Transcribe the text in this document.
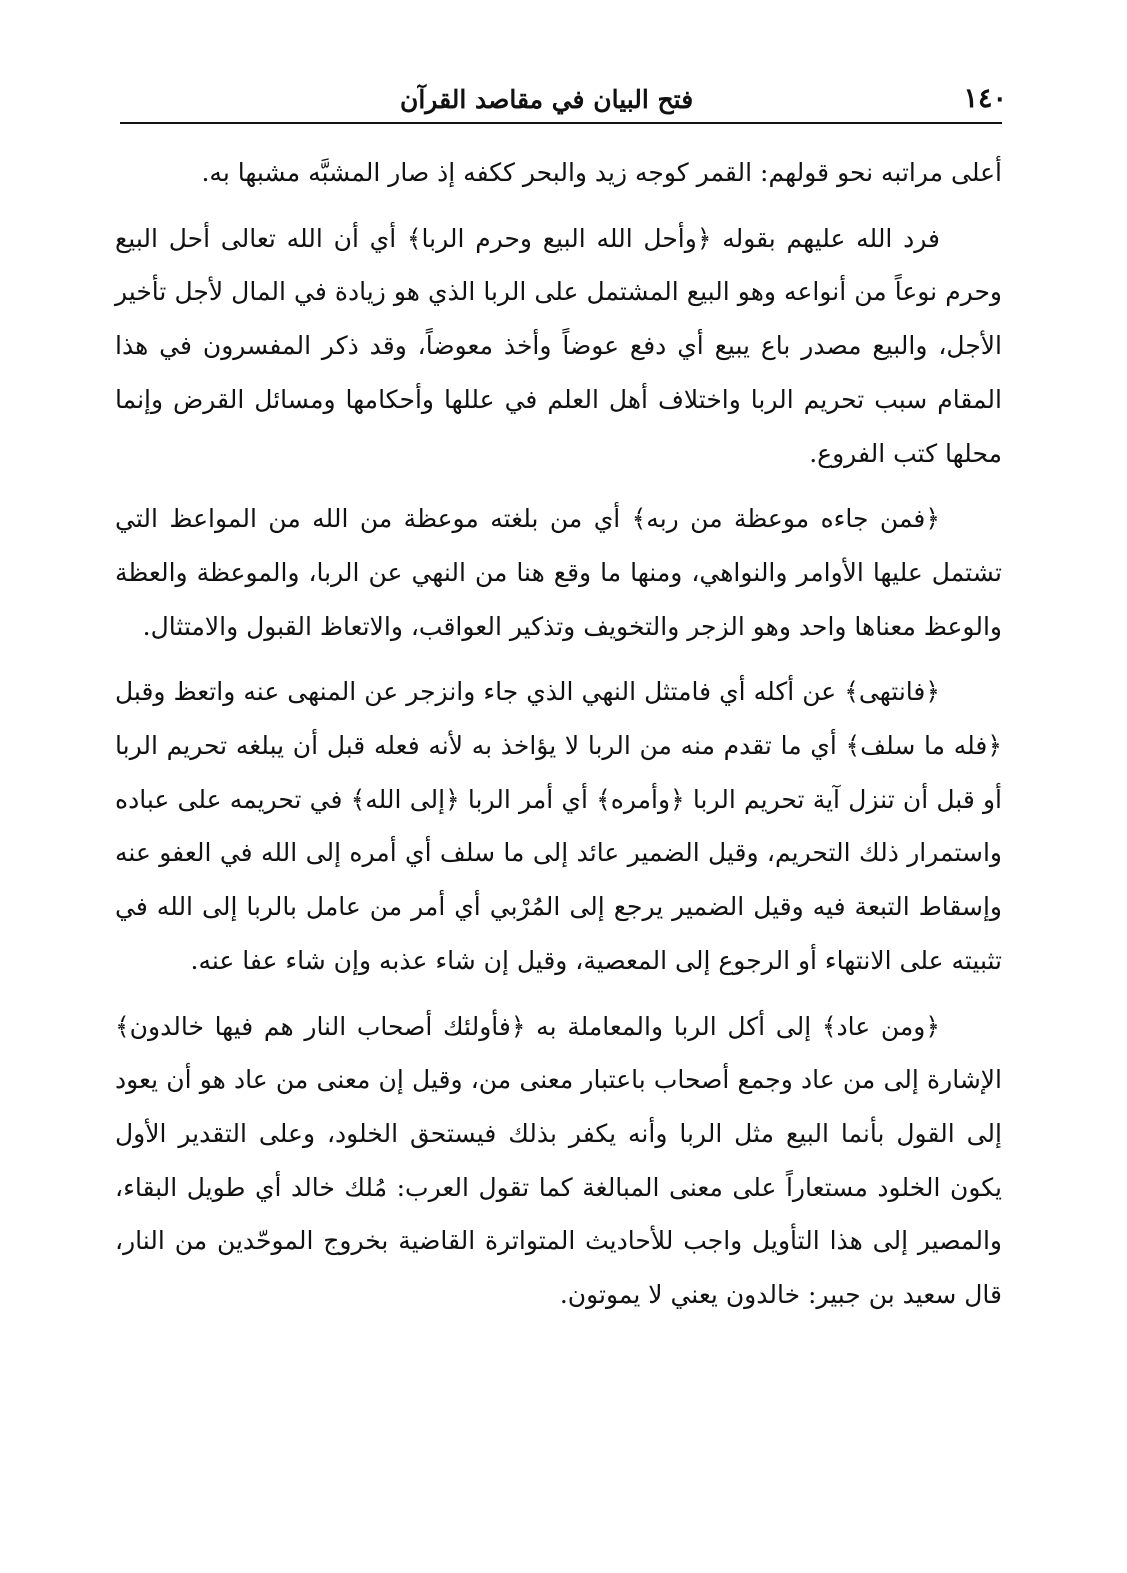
١٤٠
فتح البيان في مقاصد القرآن

أعلى مراتبه نحو قولهم: القمر كوجه زيد والبحر ككفه إذ صار المشبَّه مشبها به.

فرد الله عليهم بقوله ﴿وأحل الله البيع وحرم الربا﴾ أي أن الله تعالى أحل البيع وحرم نوعاً من أنواعه وهو البيع المشتمل على الربا الذي هو زيادة في المال لأجل تأخير الأجل، والبيع مصدر باع يبيع أي دفع عوضاً وأخذ معوضاً، وقد ذكر المفسرون في هذا المقام سبب تحريم الربا واختلاف أهل العلم في عللها وأحكامها ومسائل القرض وإنما محلها كتب الفروع.

﴿فمن جاءه موعظة من ربه﴾ أي من بلغته موعظة من الله من المواعظ التي تشتمل عليها الأوامر والنواهي، ومنها ما وقع هنا من النهي عن الربا، والموعظة والعظة والوعظ معناها واحد وهو الزجر والتخويف وتذكير العواقب، والاتعاظ القبول والامتثال.

﴿فانتهى﴾ عن أكله أي فامتثل النهي الذي جاء وانزجر عن المنهى عنه واتعظ وقبل ﴿فله ما سلف﴾ أي ما تقدم منه من الربا لا يؤاخذ به لأنه فعله قبل أن يبلغه تحريم الربا أو قبل أن تنزل آية تحريم الربا ﴿وأمره﴾ أي أمر الربا ﴿إلى الله﴾ في تحريمه على عباده واستمرار ذلك التحريم، وقيل الضمير عائد إلى ما سلف أي أمره إلى الله في العفو عنه وإسقاط التبعة فيه وقيل الضمير يرجع إلى المُرْبي أي أمر من عامل بالربا إلى الله في تثبيته على الانتهاء أو الرجوع إلى المعصية، وقيل إن شاء عذبه وإن شاء عفا عنه.

﴿ومن عاد﴾ إلى أكل الربا والمعاملة به ﴿فأولئك أصحاب النار هم فيها خالدون﴾ الإشارة إلى من عاد وجمع أصحاب باعتبار معنى من، وقيل إن معنى من عاد هو أن يعود إلى القول بأنما البيع مثل الربا وأنه يكفر بذلك فيستحق الخلود، وعلى التقدير الأول يكون الخلود مستعاراً على معنى المبالغة كما تقول العرب: مُلك خالد أي طويل البقاء، والمصير إلى هذا التأويل واجب للأحاديث المتواترة القاضية بخروج الموحّدين من النار، قال سعيد بن جبير: خالدون يعني لا يموتون.
